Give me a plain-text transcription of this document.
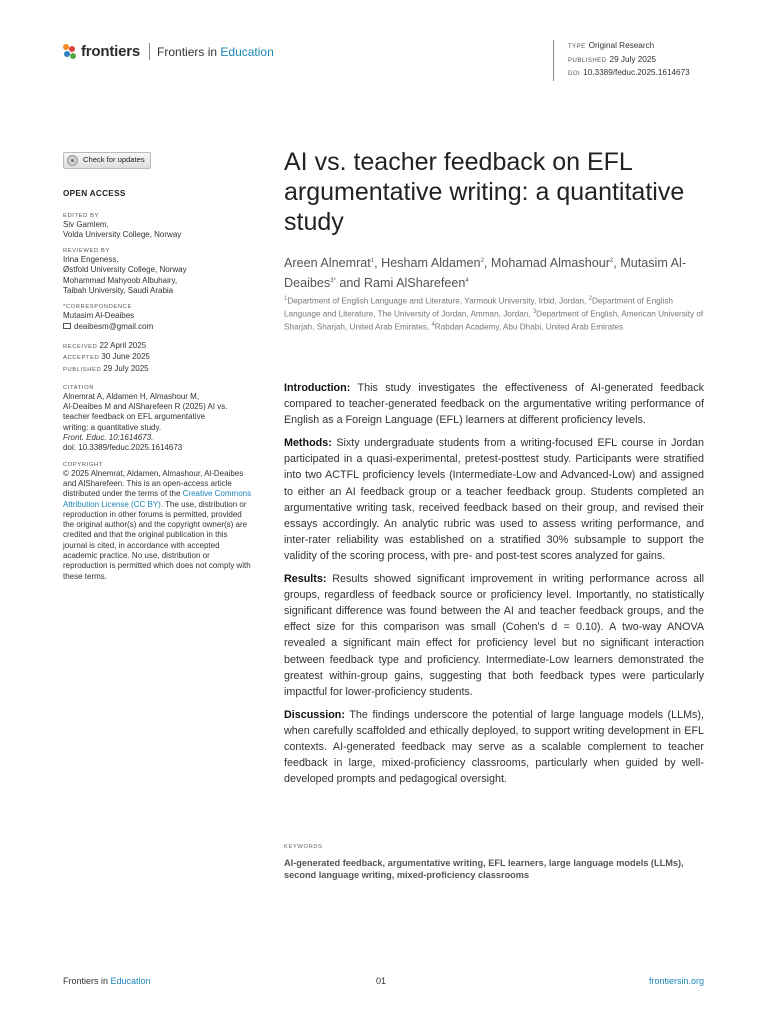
frontiers Frontiers in Education	TYPE Original Research
PUBLISHED 29 July 2025
DOI 10.3389/feduc.2025.1614673
Check for updates
OPEN ACCESS
EDITED BY
Siv Gamlem,
Volda University College, Norway
REVIEWED BY
Irina Engeness,
Østfold University College, Norway
Mohammad Mahyoob Albuhairy,
Taibah University, Saudi Arabia
*CORRESPONDENCE
Mutasim Al-Deaibes
deaibesm@gmail.com
RECEIVED 22 April 2025
ACCEPTED 30 June 2025
PUBLISHED 29 July 2025
CITATION
Alnemrat A, Aldamen H, Almashour M,
Al-Deaibes M and AlSharefeen R (2025) AI vs.
teacher feedback on EFL argumentative
writing: a quantitative study.
Front. Educ. 10:1614673.
doi: 10.3389/feduc.2025.1614673
COPYRIGHT
© 2025 Alnemrat, Aldamen, Almashour, Al-Deaibes and AlSharefeen. This is an open-access article distributed under the terms of the Creative Commons Attribution License (CC BY). The use, distribution or reproduction in other forums is permitted, provided the original author(s) and the copyright owner(s) are credited and that the original publication in this journal is cited, in accordance with accepted academic practice. No use, distribution or reproduction is permitted which does not comply with these terms.
AI vs. teacher feedback on EFL argumentative writing: a quantitative study
Areen Alnemrat$^1$, Hesham Aldamen$^2$, Mohamad Almashour$^2$, Mutasim Al-Deaibes$^{3*}$ and Rami AlSharefeen$^4$
$^1$Department of English Language and Literature, Yarmouk University, Irbid, Jordan, $^2$Department of English Language and Literature, The University of Jordan, Amman, Jordan, $^3$Department of English, American University of Sharjah, Sharjah, United Arab Emirates, $^4$Rabdan Academy, Abu Dhabi, United Arab Emirates

Introduction: This study investigates the effectiveness of AI-generated feedback compared to teacher-generated feedback on the argumentative writing performance of English as a Foreign Language (EFL) learners at different proficiency levels.

Methods: Sixty undergraduate students from a writing-focused EFL course in Jordan participated in a quasi-experimental, pretest-posttest study. Participants were stratified into two ACTFL proficiency levels (Intermediate-Low and Advanced-Low) and assigned to either an AI feedback group or a teacher feedback group. Students completed an argumentative writing task, received feedback based on their group, and revised their essays accordingly. An analytic rubric was used to assess writing performance, and inter-rater reliability was established on a stratified 30% subsample to support the validity of the scoring process, with pre- and post-test scores analyzed for gains.

Results: Results showed significant improvement in writing performance across all groups, regardless of feedback source or proficiency level. Importantly, no statistically significant difference was found between the AI and teacher feedback groups, and the effect size for this comparison was small (Cohen's d = 0.10). A two-way ANOVA revealed a significant main effect for proficiency level but no significant interaction between feedback type and proficiency. Intermediate-Low learners demonstrated the greatest within-group gains, suggesting that both feedback types were particularly impactful for lower-proficiency students.

Discussion: The findings underscore the potential of large language models (LLMs), when carefully scaffolded and ethically deployed, to support writing development in EFL contexts. AI-generated feedback may serve as a scalable complement to teacher feedback in large, mixed-proficiency classrooms, particularly when guided by well-developed prompts and pedagogical oversight.

KEYWORDS
AI-generated feedback, argumentative writing, EFL learners, large language models (LLMs), second language writing, mixed-proficiency classrooms
Frontiers in Education	01	frontiersin.org
